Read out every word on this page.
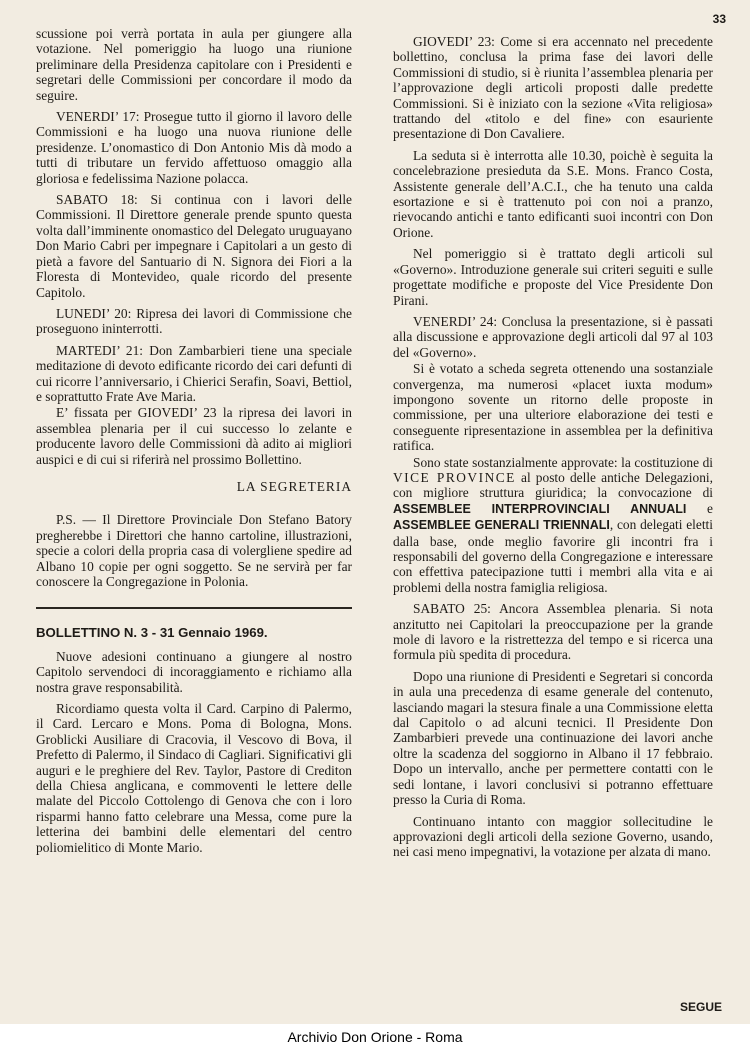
33

scussione poi verrà portata in aula per giungere alla votazione. Nel pomeriggio ha luogo una riunione preliminare della Presidenza capitolare con i Presidenti e segretari delle Commissioni per concordare il modo da seguire.

VENERDI’ 17: Prosegue tutto il giorno il lavoro delle Commissioni e ha luogo una nuova riunione delle presidenze. L’onomastico di Don Antonio Mis dà modo a tutti di tributare un fervido affettuoso omaggio alla gloriosa e fedelissima Nazione polacca.

SABATO 18: Si continua con i lavori delle Commissioni. Il Direttore generale prende spunto questa volta dall’imminente onomastico del Delegato uruguayano Don Mario Cabri per impegnare i Capitolari a un gesto di pietà a favore del Santuario di N. Signora dei Fiori a la Floresta di Montevideo, quale ricordo del presente Capitolo.

LUNEDI’ 20: Ripresa dei lavori di Commissione che proseguono ininterrotti.

MARTEDI’ 21: Don Zambarbieri tiene una speciale meditazione di devoto edificante ricordo dei cari defunti di cui ricorre l’anniversario, i Chierici Serafin, Soavi, Bettiol, e soprattutto Frate Ave Maria.

E’ fissata per GIOVEDI’ 23 la ripresa dei lavori in assemblea plenaria per il cui successo lo zelante e producente lavoro delle Commissioni dà adito ai migliori auspici e di cui si riferirà nel prossimo Bollettino.

LA SEGRETERIA

P.S. — Il Direttore Provinciale Don Stefano Batory pregherebbe i Direttori che hanno cartoline, illustrazioni, specie a colori della propria casa di volergliene spedire ad Albano 10 copie per ogni soggetto. Se ne servirà per far conoscere la Congregazione in Polonia.

BOLLETTINO N. 3 - 31 Gennaio 1969.

Nuove adesioni continuano a giungere al nostro Capitolo servendoci di incoraggiamento e richiamo alla nostra grave responsabilità.

Ricordiamo questa volta il Card. Carpino di Palermo, il Card. Lercaro e Mons. Poma di Bologna, Mons. Groblicki Ausiliare di Cracovia, il Vescovo di Bova, il Prefetto di Palermo, il Sindaco di Cagliari. Significativi gli auguri e le preghiere del Rev. Taylor, Pastore di Crediton della Chiesa anglicana, e commoventi le lettere delle malate del Piccolo Cottolengo di Genova che con i loro risparmi hanno fatto celebrare una Messa, come pure la letterina dei bambini delle elementari del centro poliomielitico di Monte Mario.

GIOVEDI’ 23: Come si era accennato nel precedente bollettino, conclusa la prima fase dei lavori delle Commissioni di studio, si è riunita l’assemblea plenaria per l’approvazione degli articoli proposti dalle predette Commissioni. Si è iniziato con la sezione «Vita religiosa» trattando del «titolo e del fine» con esauriente presentazione di Don Cavaliere.

La seduta si è interrotta alle 10.30, poichè è seguita la concelebrazione presieduta da S.E. Mons. Franco Costa, Assistente generale dell’A.C.I., che ha tenuto una calda esortazione e si è trattenuto poi con noi a pranzo, rievocando antichi e tanto edificanti suoi incontri con Don Orione.

Nel pomeriggio si è trattato degli articoli sul «Governo». Introduzione generale sui criteri seguiti e sulle progettate modifiche e proposte del Vice Presidente Don Pirani.

VENERDI’ 24: Conclusa la presentazione, si è passati alla discussione e approvazione degli articoli dal 97 al 103 del «Governo».

Si è votato a scheda segreta ottenendo una sostanziale convergenza, ma numerosi «placet iuxta modum» impongono sovente un ritorno delle proposte in commissione, per una ulteriore elaborazione dei testi e conseguente ripresentazione in assemblea per la definitiva ratifica.

Sono state sostanzialmente approvate: la costituzione di VICE PROVINCE al posto delle antiche Delegazioni, con migliore struttura giuridica; la convocazione di ASSEMBLEE INTERPROVINCIALI ANNUALI e ASSEMBLEE GENERALI TRIENNALI, con delegati eletti dalla base, onde meglio favorire gli incontri fra i responsabili del governo della Congregazione e interessare con effettiva patecipazione tutti i membri alla vita e ai problemi della nostra famiglia religiosa.

SABATO 25: Ancora Assemblea plenaria. Si nota anzitutto nei Capitolari la preoccupazione per la grande mole di lavoro e la ristrettezza del tempo e si ricerca una formula più spedita di procedura.

Dopo una riunione di Presidenti e Segretari si concorda in aula una precedenza di esame generale del contenuto, lasciando magari la stesura finale a una Commissione eletta dal Capitolo o ad alcuni tecnici. Il Presidente Don Zambarbieri prevede una continuazione dei lavori anche oltre la scadenza del soggiorno in Albano il 17 febbraio. Dopo un intervallo, anche per permettere contatti con le sedi lontane, i lavori conclusivi si potranno effettuare presso la Curia di Roma.

Continuano intanto con maggior sollecitudine le approvazioni degli articoli della sezione Governo, usando, nei casi meno impegnativi, la votazione per alzata di mano.

SEGUE
Archivio Don Orione - Roma
